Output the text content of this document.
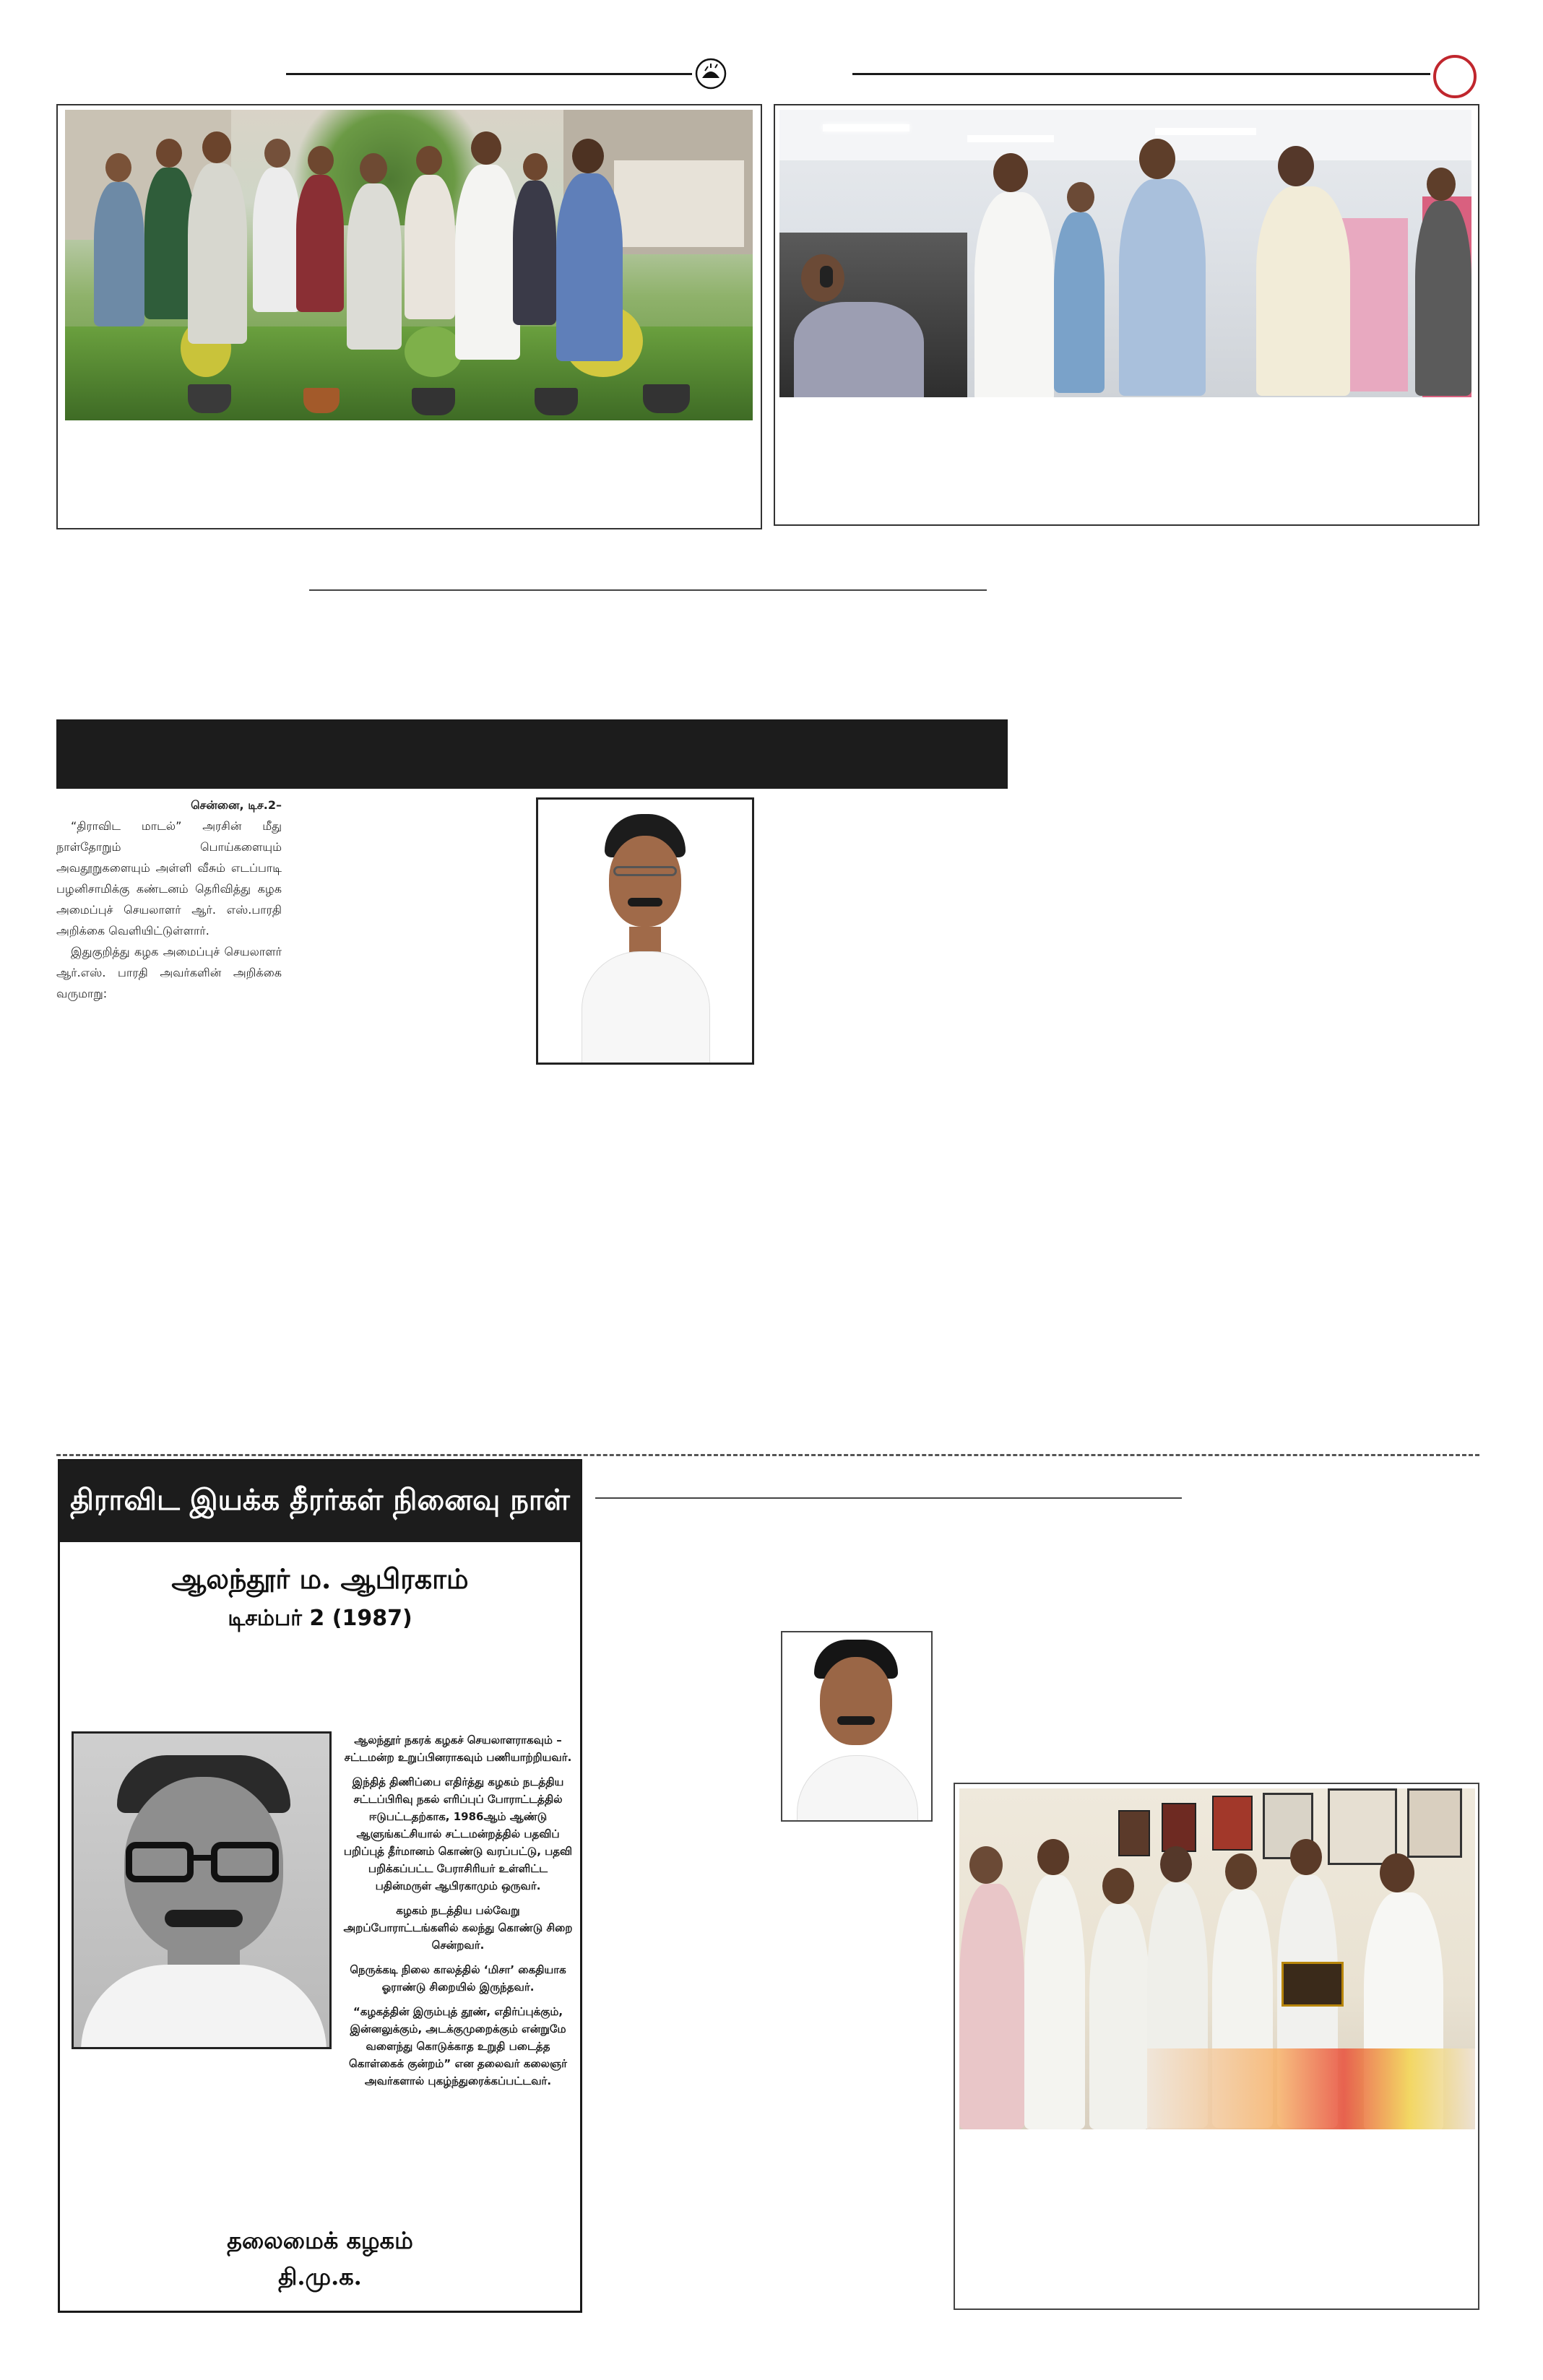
சென்னை, டிச.2–
“திராவிட மாடல்” அரசின் மீது நாள்தோறும் பொய்களையும் அவதூறுகளையும் அள்ளி வீசும் எடப்பாடி பழனிசாமிக்கு கண்டனம் தெரிவித்து கழக அமைப்புச் செயலாளர் ஆர். எஸ்.பாரதி அறிக்கை வெளியிட்டுள்ளார்.
இதுகுறித்து கழக அமைப்புச் செயலாளர் ஆர்.எஸ். பாரதி அவர்களின் அறிக்கை வருமாறு:
திராவிட இயக்க தீரர்கள் நினைவு நாள்
ஆலந்தூர் ம. ஆபிரகாம்
டிசம்பர் 2 (1987)

ஆலந்தூர் நகரக் கழகச் செயலாளராகவும் – சட்டமன்ற உறுப்பினராகவும் பணியாற்றியவர்.

இந்தித் திணிப்பை எதிர்த்து கழகம் நடத்திய சட்டப்பிரிவு நகல் எரிப்புப் போராட்டத்தில் ஈடுபட்டதற்காக, 1986ஆம் ஆண்டு ஆளுங்கட்சியால் சட்டமன்றத்தில் பதவிப் பறிப்புத் தீர்மானம் கொண்டு வரப்பட்டு, பதவி பறிக்கப்பட்ட பேராசிரியர் உள்ளிட்ட பதின்மருள் ஆபிரகாமும் ஒருவர்.

கழகம் நடத்திய பல்வேறு அறப்போராட்டங்களில் கலந்து கொண்டு சிறை சென்றவர்.

நெருக்கடி நிலை காலத்தில் ‘மிசா’ கைதியாக ஓராண்டு சிறையில் இருந்தவர்.

“கழகத்தின் இரும்புத் தூண், எதிர்ப்புக்கும், இன்னலுக்கும், அடக்குமுறைக்கும் என்றுமே வளைந்து கொடுக்காத உறுதி படைத்த கொள்கைக் குன்றம்” என தலைவர் கலைஞர் அவர்களால் புகழ்ந்துரைக்கப்பட்டவர்.

தலைமைக் கழகம்
தி.மு.க.
